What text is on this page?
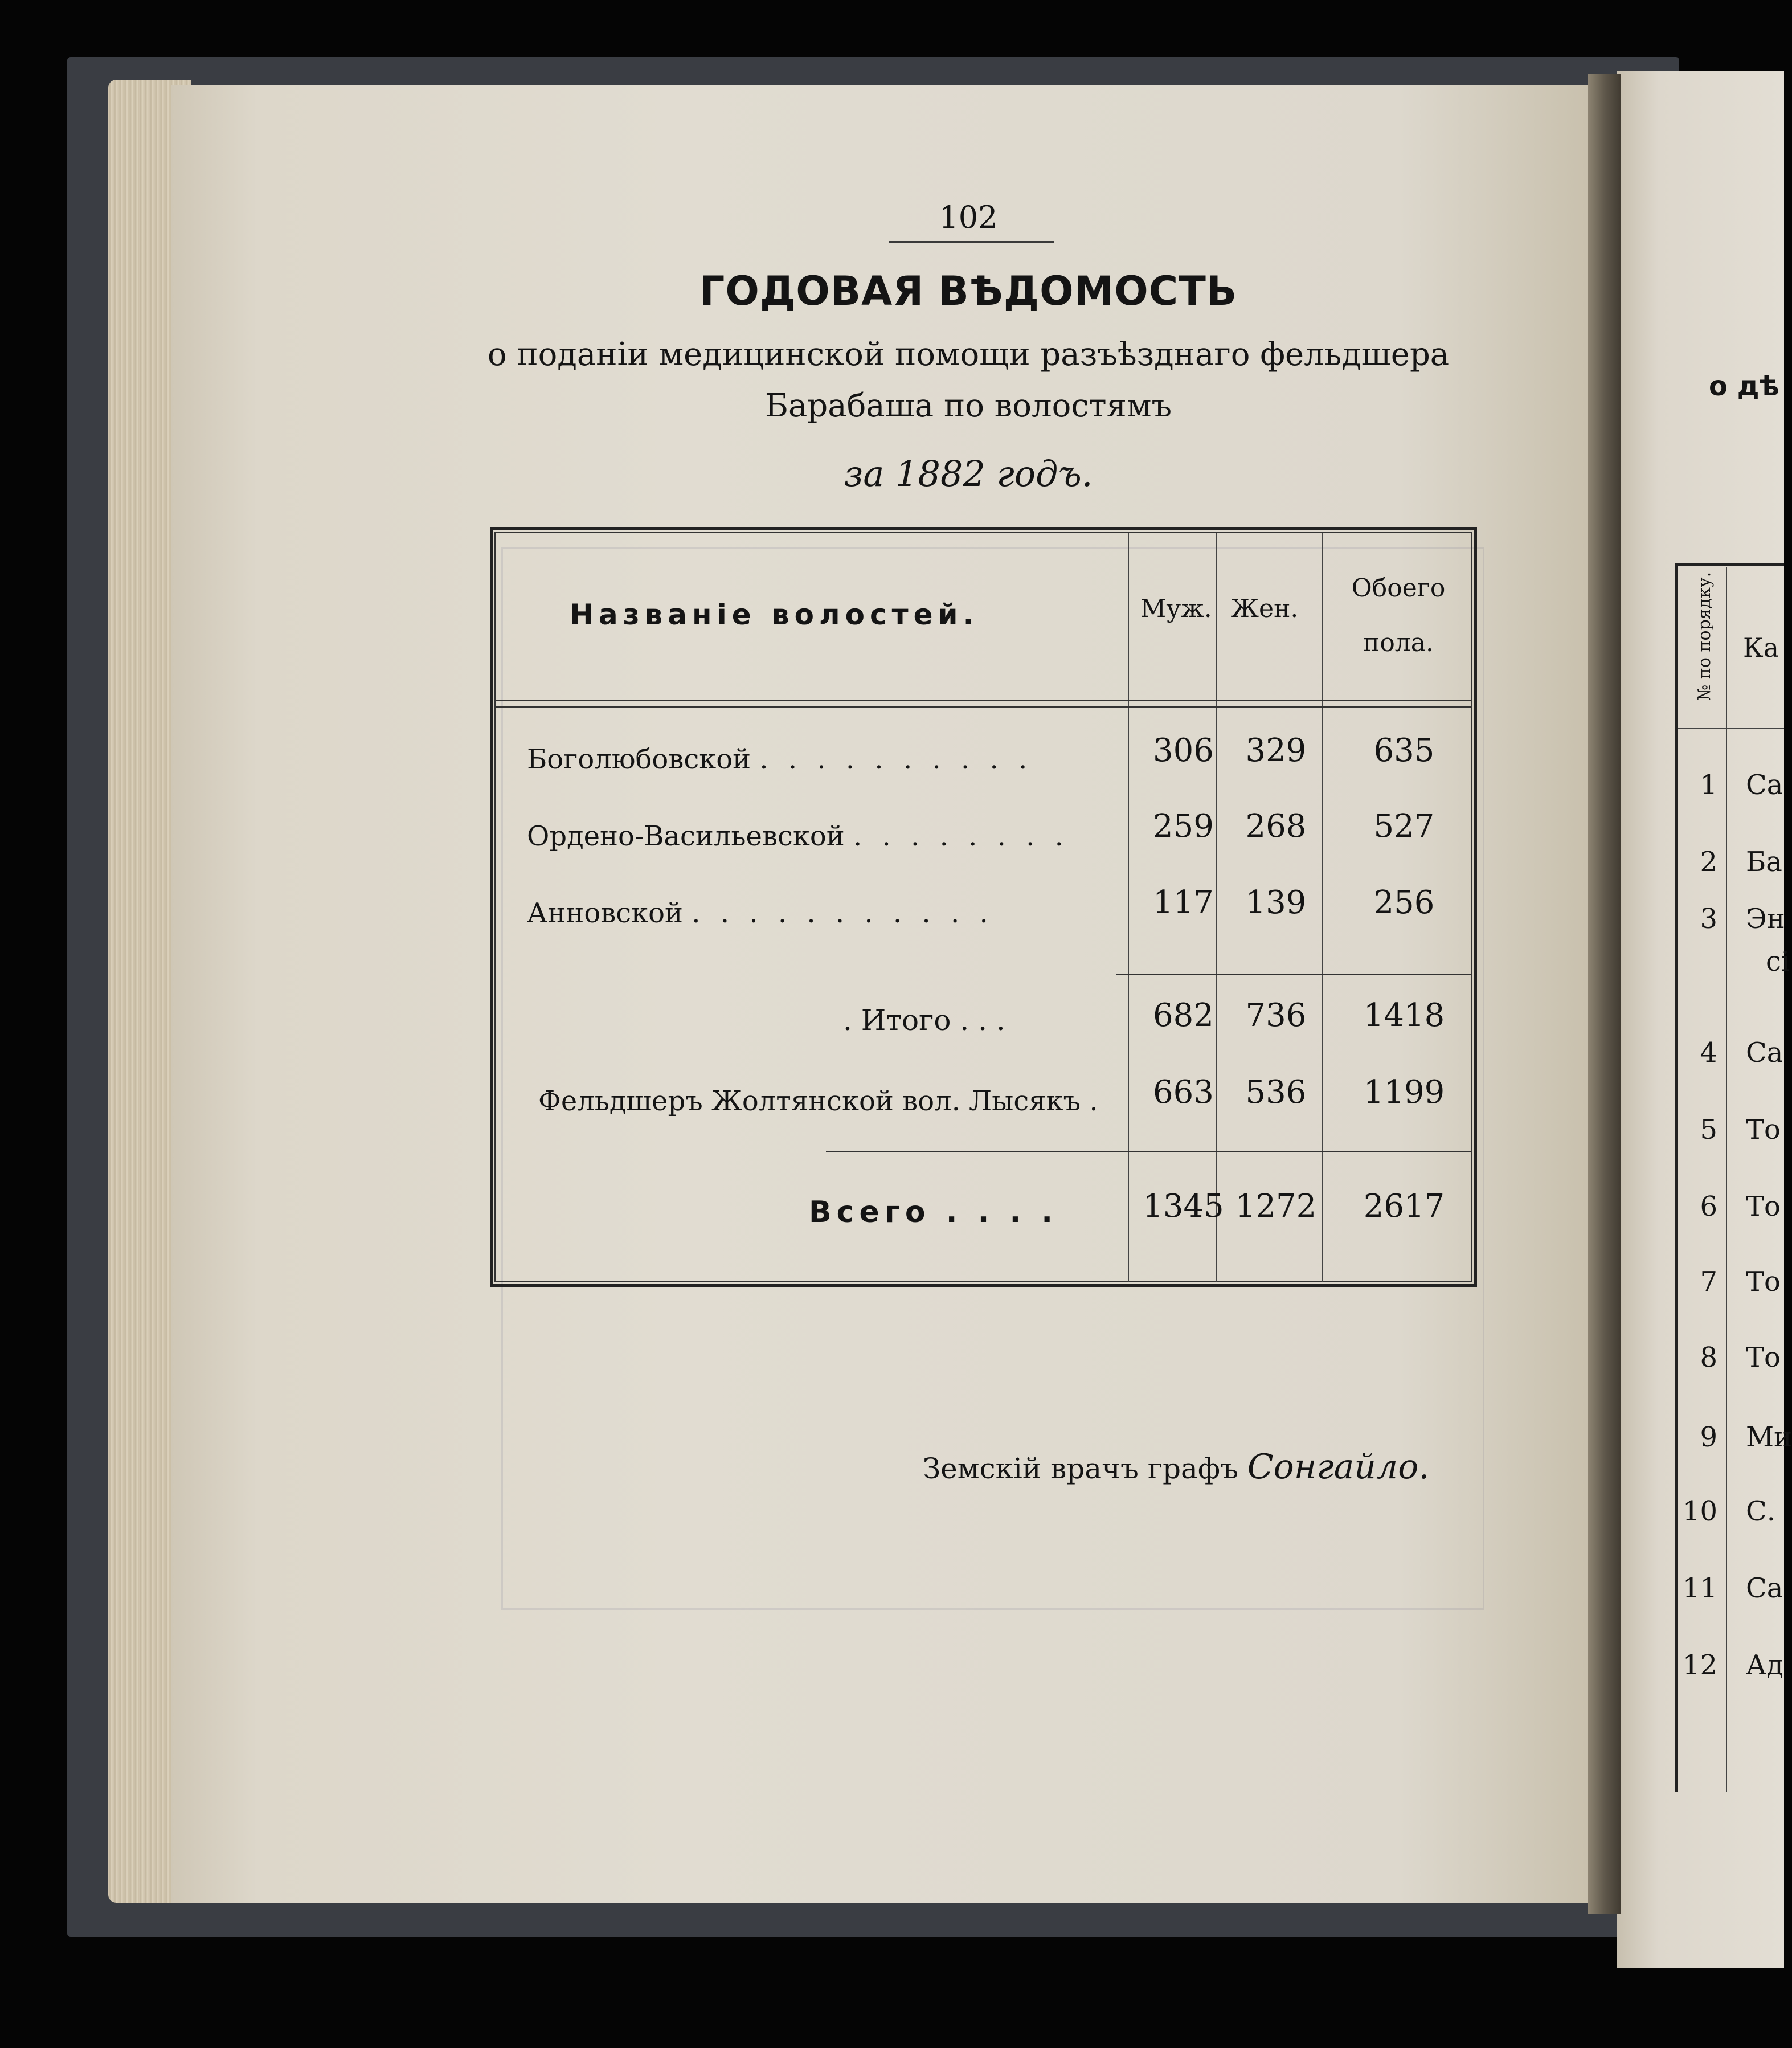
102
ГОДОВАЯ ВѢДОМОСТЬ
о поданіи медицинской помощи разъѣзднаго фельдшера
Барабаша по волостямъ
за 1882 годъ.
Названіе волостей.	Муж. Жен.
Обоего пола.
Боголюбовской . . . . . . . . . .	306 329	635
Ордено-Васильевской . . . . . . . .	259 268	527
Анновской . . . . . . . . . . .	117 139	256
. Итого . . .	682 736	1418
Фельдшеръ Жолтянской вол. Лысякъ .	663 536	1199
Всего . . . .	1345 1272	2617
Земскій врачъ графъ Сонгайло.
о дѣ
№ по порядку.	Ка
1 Са
2 Ба
3 Эн
сі
4 Са
5 То
6 То
7 То
8 То
9 Ми
10 С.
11 Са
12 Ад
